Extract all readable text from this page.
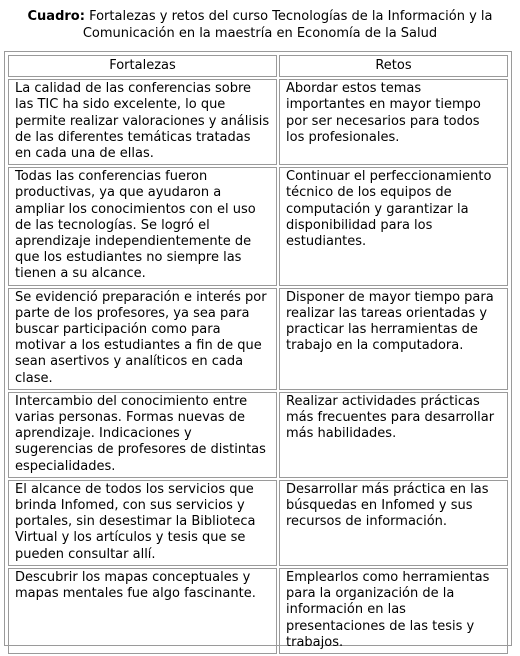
Cuadro: Fortalezas y retos del curso Tecnologías de la Información y la
Comunicación en la maestría en Economía de la Salud
Fortalezas	Retos
La calidad de las conferencias sobre las TIC ha sido excelente, lo que permite realizar valoraciones y análisis de las diferentes temáticas tratadas en cada una de ellas.	Abordar estos temas importantes en mayor tiempo por ser necesarios para todos los profesionales.
Todas las conferencias fueron productivas, ya que ayudaron a ampliar los conocimientos con el uso de las tecnologías. Se logró el aprendizaje independientemente de que los estudiantes no siempre las tienen a su alcance.	Continuar el perfeccionamiento técnico de los equipos de computación y garantizar la disponibilidad para los estudiantes.
Se evidenció preparación e interés por parte de los profesores, ya sea para buscar participación como para motivar a los estudiantes a fin de que sean asertivos y analíticos en cada clase.	Disponer de mayor tiempo para realizar las tareas orientadas y practicar las herramientas de trabajo en la computadora.
Intercambio del conocimiento entre varias personas. Formas nuevas de aprendizaje. Indicaciones y sugerencias de profesores de distintas especialidades.	Realizar actividades prácticas más frecuentes para desarrollar más habilidades.
El alcance de todos los servicios que brinda Infomed, con sus servicios y portales, sin desestimar la Biblioteca Virtual y los artículos y tesis que se pueden consultar allí.	Desarrollar más práctica en las búsquedas en Infomed y sus recursos de información.
Descubrir los mapas conceptuales y mapas mentales fue algo fascinante.	Emplearlos como herramientas para la organización de la información en las presentaciones de las tesis y trabajos.
